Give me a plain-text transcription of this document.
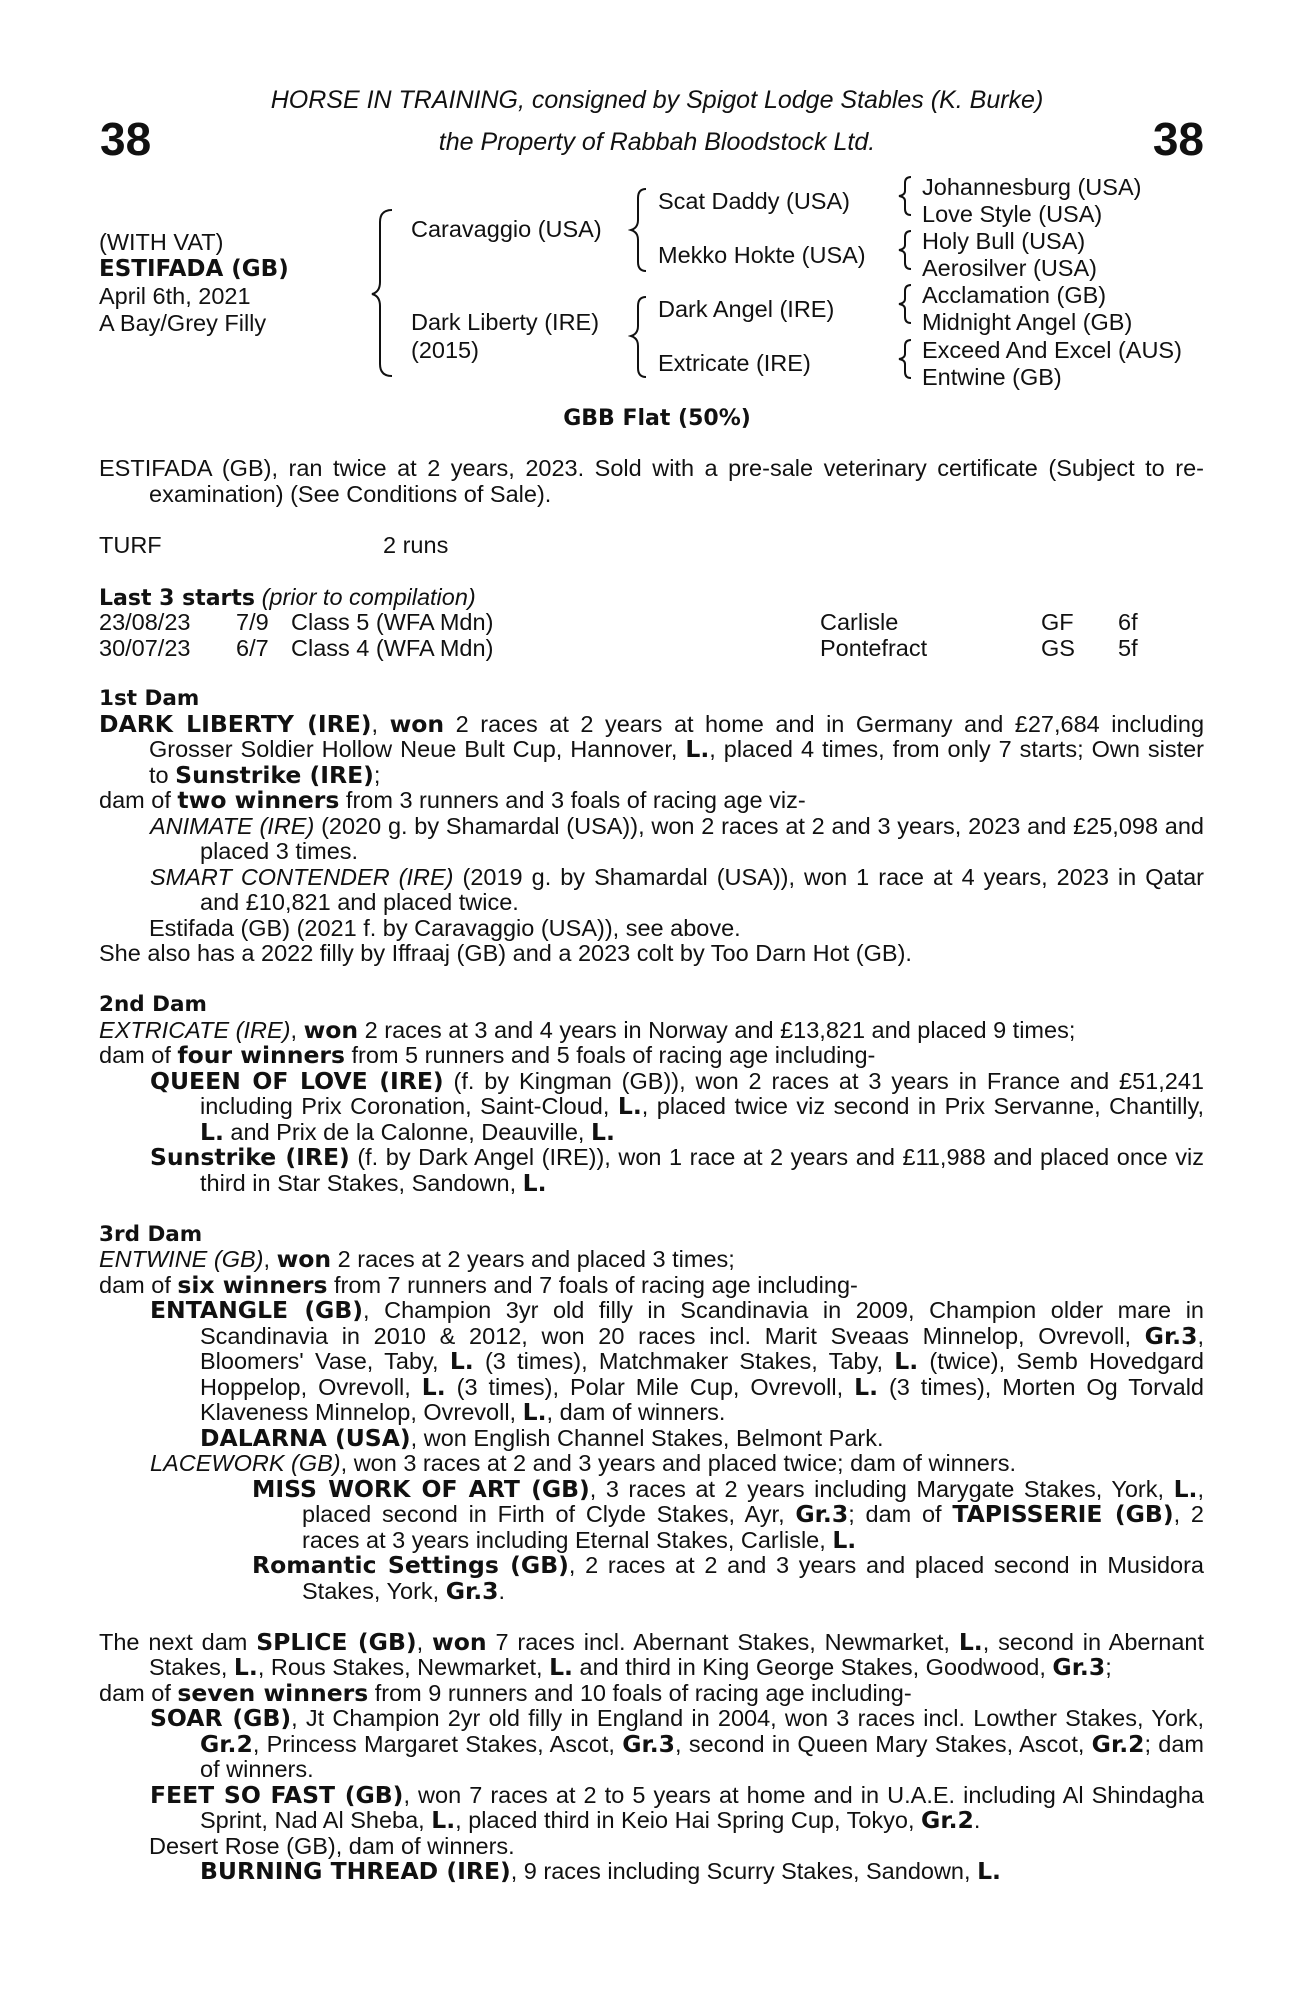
HORSE IN TRAINING, consigned by Spigot Lodge Stables (K. Burke)
the Property of Rabbah Bloodstock Ltd.
38	38
(WITH VAT)
ESTIFADA (GB)
April 6th, 2021
A Bay/Grey Filly
Caravaggio (USA)
Dark Liberty (IRE)
(2015)
Scat Daddy (USA)
Mekko Hokte (USA)
Dark Angel (IRE)
Extricate (IRE)
Johannesburg (USA)
Love Style (USA)
Holy Bull (USA)
Aerosilver (USA)
Acclamation (GB)
Midnight Angel (GB)
Exceed And Excel (AUS)
Entwine (GB)
GBB Flat (50%)

ESTIFADA (GB), ran twice at 2 years, 2023. Sold with a pre-sale veterinary certificate (Subject to re- examination) (See Conditions of Sale).

TURF	2 runs
Last 3 starts (prior to compilation)
23/08/23 7/9 Class 5 (WFA Mdn)	Carlisle	GF 6f
30/07/23 6/7 Class 4 (WFA Mdn)	Pontefract	GS 5f

1st Dam

DARK LIBERTY (IRE), won 2 races at 2 years at home and in Germany and £27,684 including Grosser Soldier Hollow Neue Bult Cup, Hannover, L., placed 4 times, from only 7 starts; Own sister to Sunstrike (IRE);

dam of two winners from 3 runners and 3 foals of racing age viz-

ANIMATE (IRE) (2020 g. by Shamardal (USA)), won 2 races at 2 and 3 years, 2023 and £25,098 and placed 3 times.

SMART CONTENDER (IRE) (2019 g. by Shamardal (USA)), won 1 race at 4 years, 2023 in Qatar and £10,821 and placed twice.

Estifada (GB) (2021 f. by Caravaggio (USA)), see above.

She also has a 2022 filly by Iffraaj (GB) and a 2023 colt by Too Darn Hot (GB).

2nd Dam

EXTRICATE (IRE), won 2 races at 3 and 4 years in Norway and £13,821 and placed 9 times;

dam of four winners from 5 runners and 5 foals of racing age including-

QUEEN OF LOVE (IRE) (f. by Kingman (GB)), won 2 races at 3 years in France and £51,241 including Prix Coronation, Saint-Cloud, L., placed twice viz second in Prix Servanne, Chantilly, L. and Prix de la Calonne, Deauville, L.

Sunstrike (IRE) (f. by Dark Angel (IRE)), won 1 race at 2 years and £11,988 and placed once viz third in Star Stakes, Sandown, L.

3rd Dam

ENTWINE (GB), won 2 races at 2 years and placed 3 times;

dam of six winners from 7 runners and 7 foals of racing age including-

ENTANGLE (GB), Champion 3yr old filly in Scandinavia in 2009, Champion older mare in Scandinavia in 2010 & 2012, won 20 races incl. Marit Sveaas Minnelop, Ovrevoll, Gr.3, Bloomers' Vase, Taby, L. (3 times), Matchmaker Stakes, Taby, L. (twice), Semb Hovedgard Hoppelop, Ovrevoll, L. (3 times), Polar Mile Cup, Ovrevoll, L. (3 times), Morten Og Torvald Klaveness Minnelop, Ovrevoll, L., dam of winners.

DALARNA (USA), won English Channel Stakes, Belmont Park.

LACEWORK (GB), won 3 races at 2 and 3 years and placed twice; dam of winners.

MISS WORK OF ART (GB), 3 races at 2 years including Marygate Stakes, York, L., placed second in Firth of Clyde Stakes, Ayr, Gr.3; dam of TAPISSERIE (GB), 2 races at 3 years including Eternal Stakes, Carlisle, L.

Romantic Settings (GB), 2 races at 2 and 3 years and placed second in Musidora Stakes, York, Gr.3.

The next dam SPLICE (GB), won 7 races incl. Abernant Stakes, Newmarket, L., second in Abernant Stakes, L., Rous Stakes, Newmarket, L. and third in King George Stakes, Goodwood, Gr.3;

dam of seven winners from 9 runners and 10 foals of racing age including-

SOAR (GB), Jt Champion 2yr old filly in England in 2004, won 3 races incl. Lowther Stakes, York, Gr.2, Princess Margaret Stakes, Ascot, Gr.3, second in Queen Mary Stakes, Ascot, Gr.2; dam of winners.

FEET SO FAST (GB), won 7 races at 2 to 5 years at home and in U.A.E. including Al Shindagha Sprint, Nad Al Sheba, L., placed third in Keio Hai Spring Cup, Tokyo, Gr.2.

Desert Rose (GB), dam of winners.

BURNING THREAD (IRE), 9 races including Scurry Stakes, Sandown, L.
